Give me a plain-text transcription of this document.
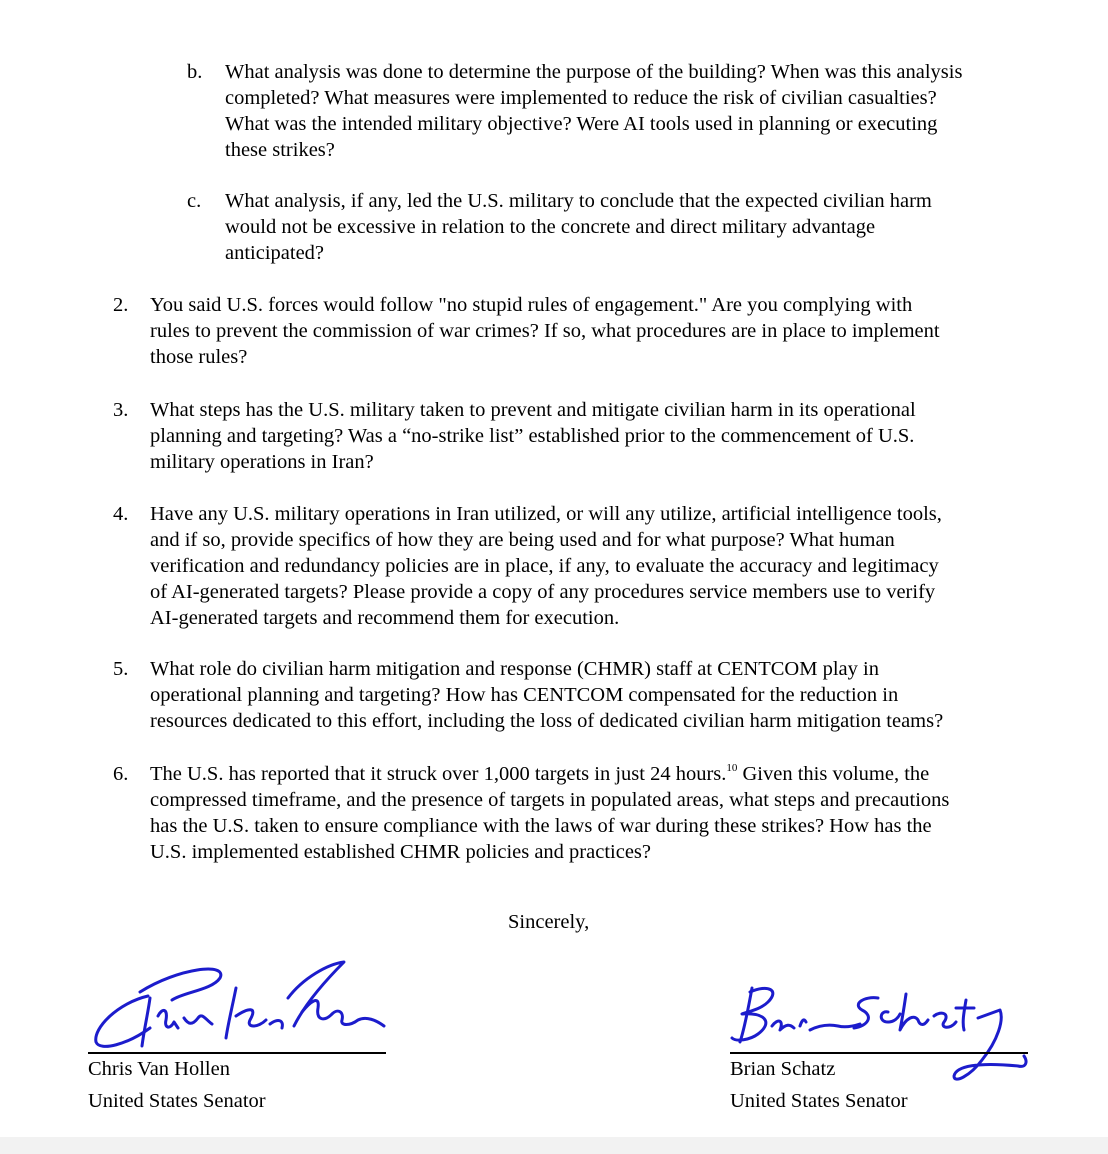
b. What analysis was done to determine the purpose of the building? When was this analysis
completed? What measures were implemented to reduce the risk of civilian casualties?
What was the intended military objective? Were AI tools used in planning or executing
these strikes?
c. What analysis, if any, led the U.S. military to conclude that the expected civilian harm
would not be excessive in relation to the concrete and direct military advantage
anticipated?
2. You said U.S. forces would follow "no stupid rules of engagement." Are you complying with
rules to prevent the commission of war crimes? If so, what procedures are in place to implement
those rules?
3. What steps has the U.S. military taken to prevent and mitigate civilian harm in its operational
planning and targeting? Was a “no-strike list” established prior to the commencement of U.S.
military operations in Iran?
4. Have any U.S. military operations in Iran utilized, or will any utilize, artificial intelligence tools,
and if so, provide specifics of how they are being used and for what purpose? What human
verification and redundancy policies are in place, if any, to evaluate the accuracy and legitimacy
of AI-generated targets? Please provide a copy of any procedures service members use to verify
AI-generated targets and recommend them for execution.
5. What role do civilian harm mitigation and response (CHMR) staff at CENTCOM play in
operational planning and targeting? How has CENTCOM compensated for the reduction in
resources dedicated to this effort, including the loss of dedicated civilian harm mitigation teams?
6. The U.S. has reported that it struck over 1,000 targets in just 24 hours.$^{10}$ Given this volume, the
compressed timeframe, and the presence of targets in populated areas, what steps and precautions
has the U.S. taken to ensure compliance with the laws of war during these strikes? How has the
U.S. implemented established CHMR policies and practices?
Sincerely,
Chris Van Hollen
United States Senator
Brian Schatz
United States Senator
